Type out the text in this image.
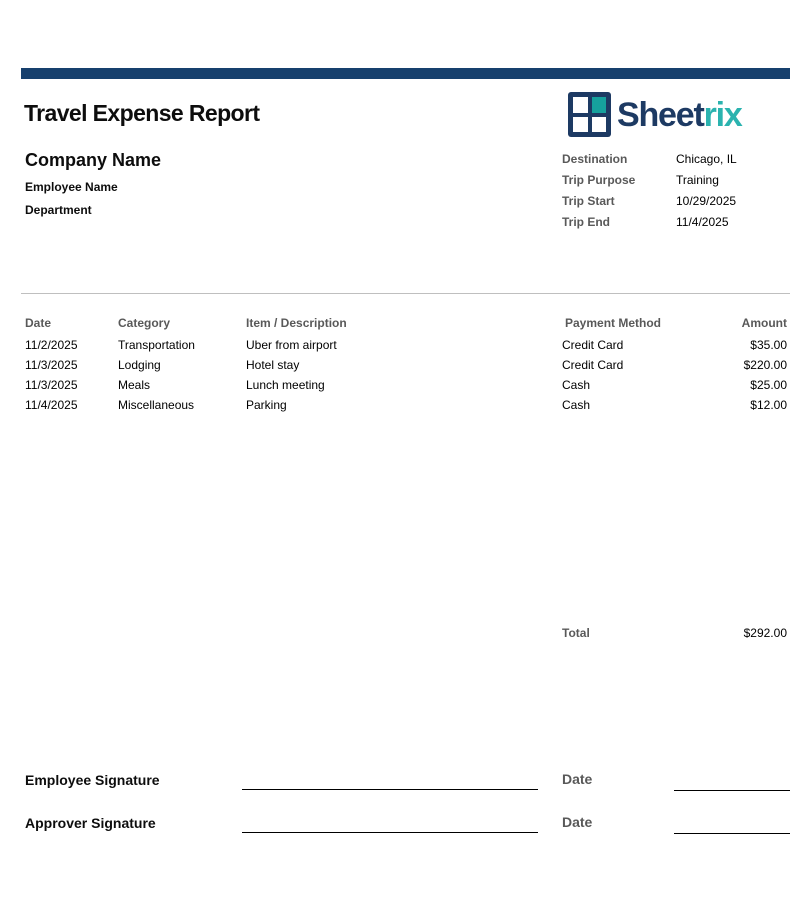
Travel Expense Report	Sheetrix
Company Name
Employee Name
Department
Destination	Chicago, IL
Trip Purpose	Training
Trip Start	10/29/2025
Trip End	11/4/2025
Date	Category	Item / Description	Payment Method	Amount
11/2/2025	Transportation	Uber from airport	Credit Card	$35.00
11/3/2025	Lodging	Hotel stay	Credit Card	$220.00
11/3/2025	Meals	Lunch meeting	Cash	$25.00
11/4/2025	Miscellaneous	Parking	Cash	$12.00
Total	$292.00
Employee Signature	Date
Approver Signature	Date
